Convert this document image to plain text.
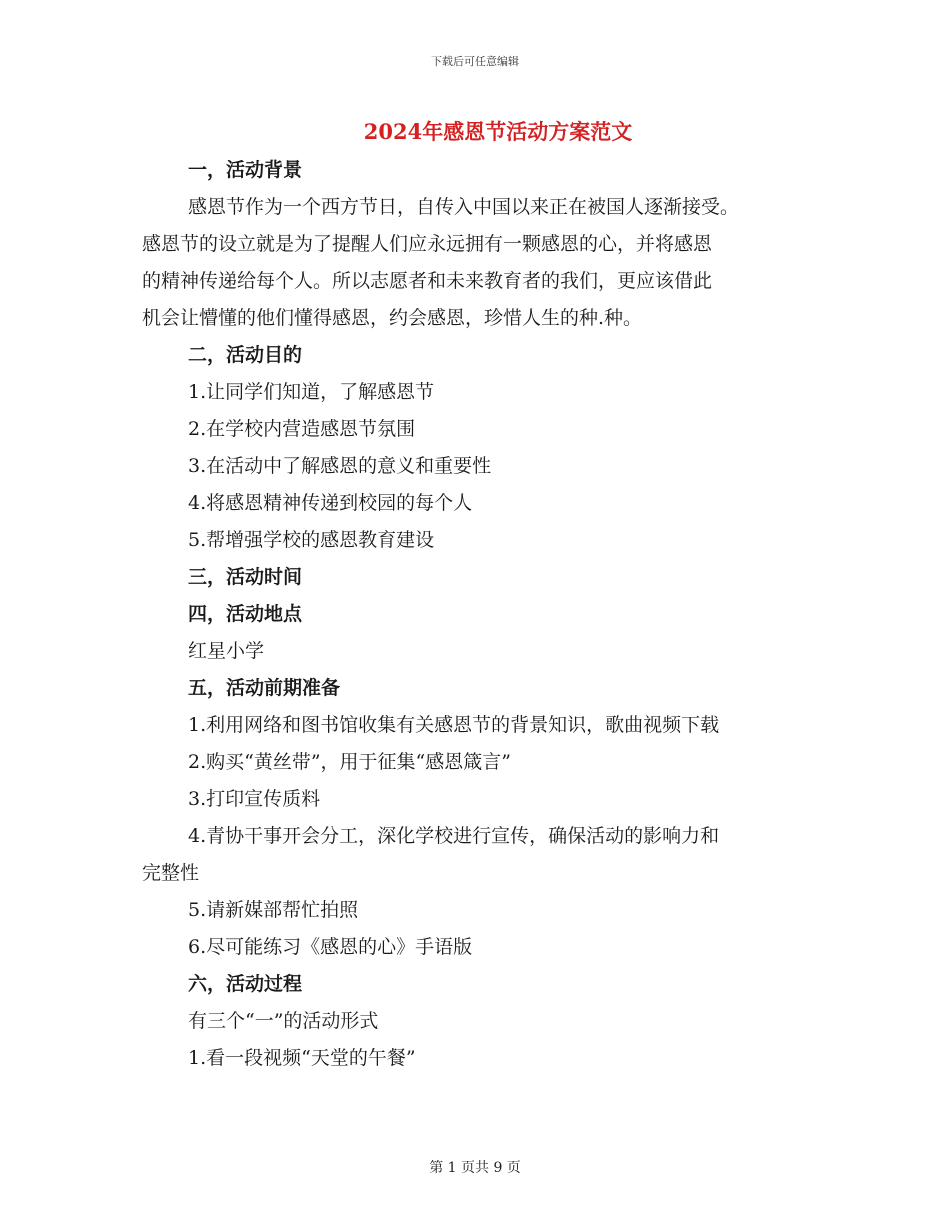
下载后可任意编辑
2024年感恩节活动方案范文
一，活动背景
感恩节作为一个西方节日，自传入中国以来正在被国人逐渐接受。
感恩节的设立就是为了提醒人们应永远拥有一颗感恩的心，并将感恩
的精神传递给每个人。所以志愿者和未来教育者的我们，更应该借此
机会让懵懂的他们懂得感恩，约会感恩，珍惜人生的种.种。
二，活动目的
1.让同学们知道，了解感恩节
2.在学校内营造感恩节氛围
3.在活动中了解感恩的意义和重要性
4.将感恩精神传递到校园的每个人
5.帮增强学校的感恩教育建设
三，活动时间
四，活动地点
红星小学
五，活动前期准备
1.利用网络和图书馆收集有关感恩节的背景知识，歌曲视频下载
2.购买“黄丝带”，用于征集“感恩箴言”
3.打印宣传质料
4.青协干事开会分工，深化学校进行宣传，确保活动的影响力和
完整性
5.请新媒部帮忙拍照
6.尽可能练习《感恩的心》手语版
六，活动过程
有三个“一”的活动形式
1.看一段视频“天堂的午餐”
第 1 页共 9 页
